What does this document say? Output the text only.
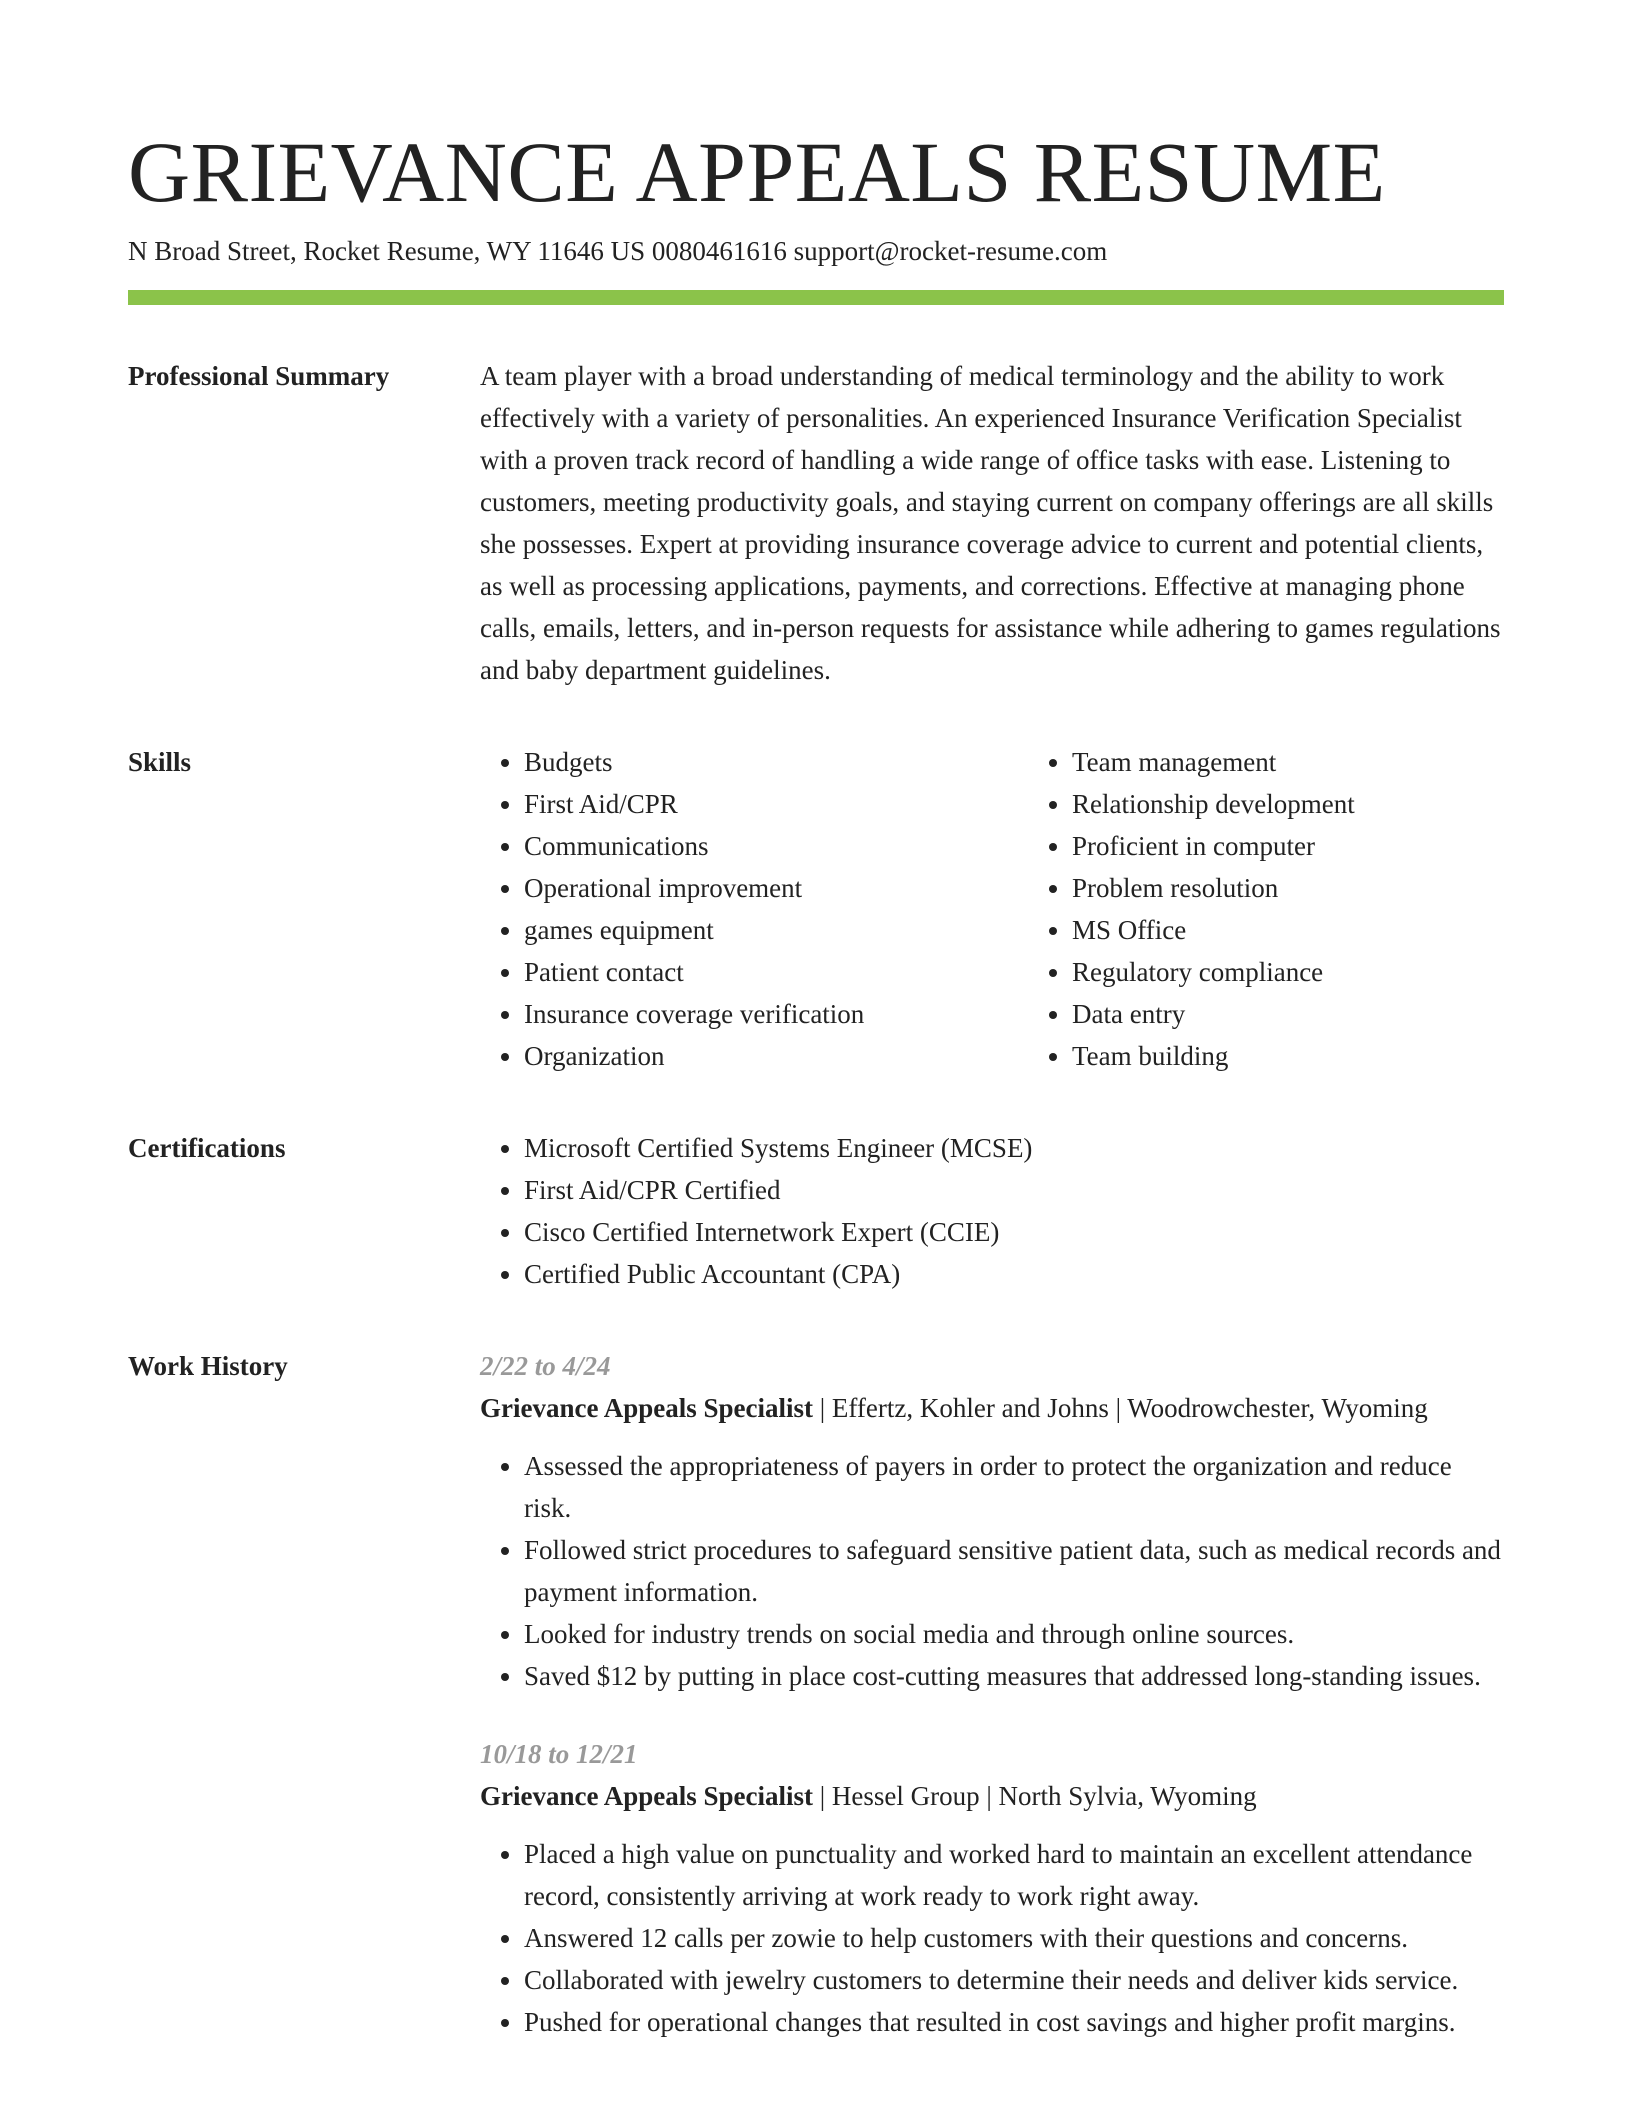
GRIEVANCE APPEALS RESUME
N Broad Street, Rocket Resume, WY 11646 US 0080461616 support@rocket-resume.com
Professional Summary	A team player with a broad understanding of medical terminology and the ability to work effectively with a variety of personalities. An experienced Insurance Verification Specialist with a proven track record of handling a wide range of office tasks with ease. Listening to customers, meeting productivity goals, and staying current on company offerings are all skills she possesses. Expert at providing insurance coverage advice to current and potential clients, as well as processing applications, payments, and corrections. Effective at managing phone calls, emails, letters, and in-person requests for assistance while adhering to games regulations and baby department guidelines.

Skills	• Budgets
• First Aid/CPR
• Communications
• Operational improvement
• games equipment
• Patient contact
• Insurance coverage verification
• Organization
• Team management
• Relationship development
• Proficient in computer
• Problem resolution
• MS Office
• Regulatory compliance
• Data entry
• Team building
Certifications	• Microsoft Certified Systems Engineer (MCSE)
• First Aid/CPR Certified
• Cisco Certified Internetwork Expert (CCIE)
• Certified Public Accountant (CPA)
Work History	2/22 to 4/24
Grievance Appeals Specialist | Effertz, Kohler and Johns | Woodrowchester, Wyoming
• Assessed the appropriateness of payers in order to protect the organization and reduce risk.
• Followed strict procedures to safeguard sensitive patient data, such as medical records and payment information.
• Looked for industry trends on social media and through online sources.
• Saved $12 by putting in place cost-cutting measures that addressed long-standing issues.
10/18 to 12/21
Grievance Appeals Specialist | Hessel Group | North Sylvia, Wyoming
• Placed a high value on punctuality and worked hard to maintain an excellent attendance record, consistently arriving at work ready to work right away.
• Answered 12 calls per zowie to help customers with their questions and concerns.
• Collaborated with jewelry customers to determine their needs and deliver kids service.
• Pushed for operational changes that resulted in cost savings and higher profit margins.
